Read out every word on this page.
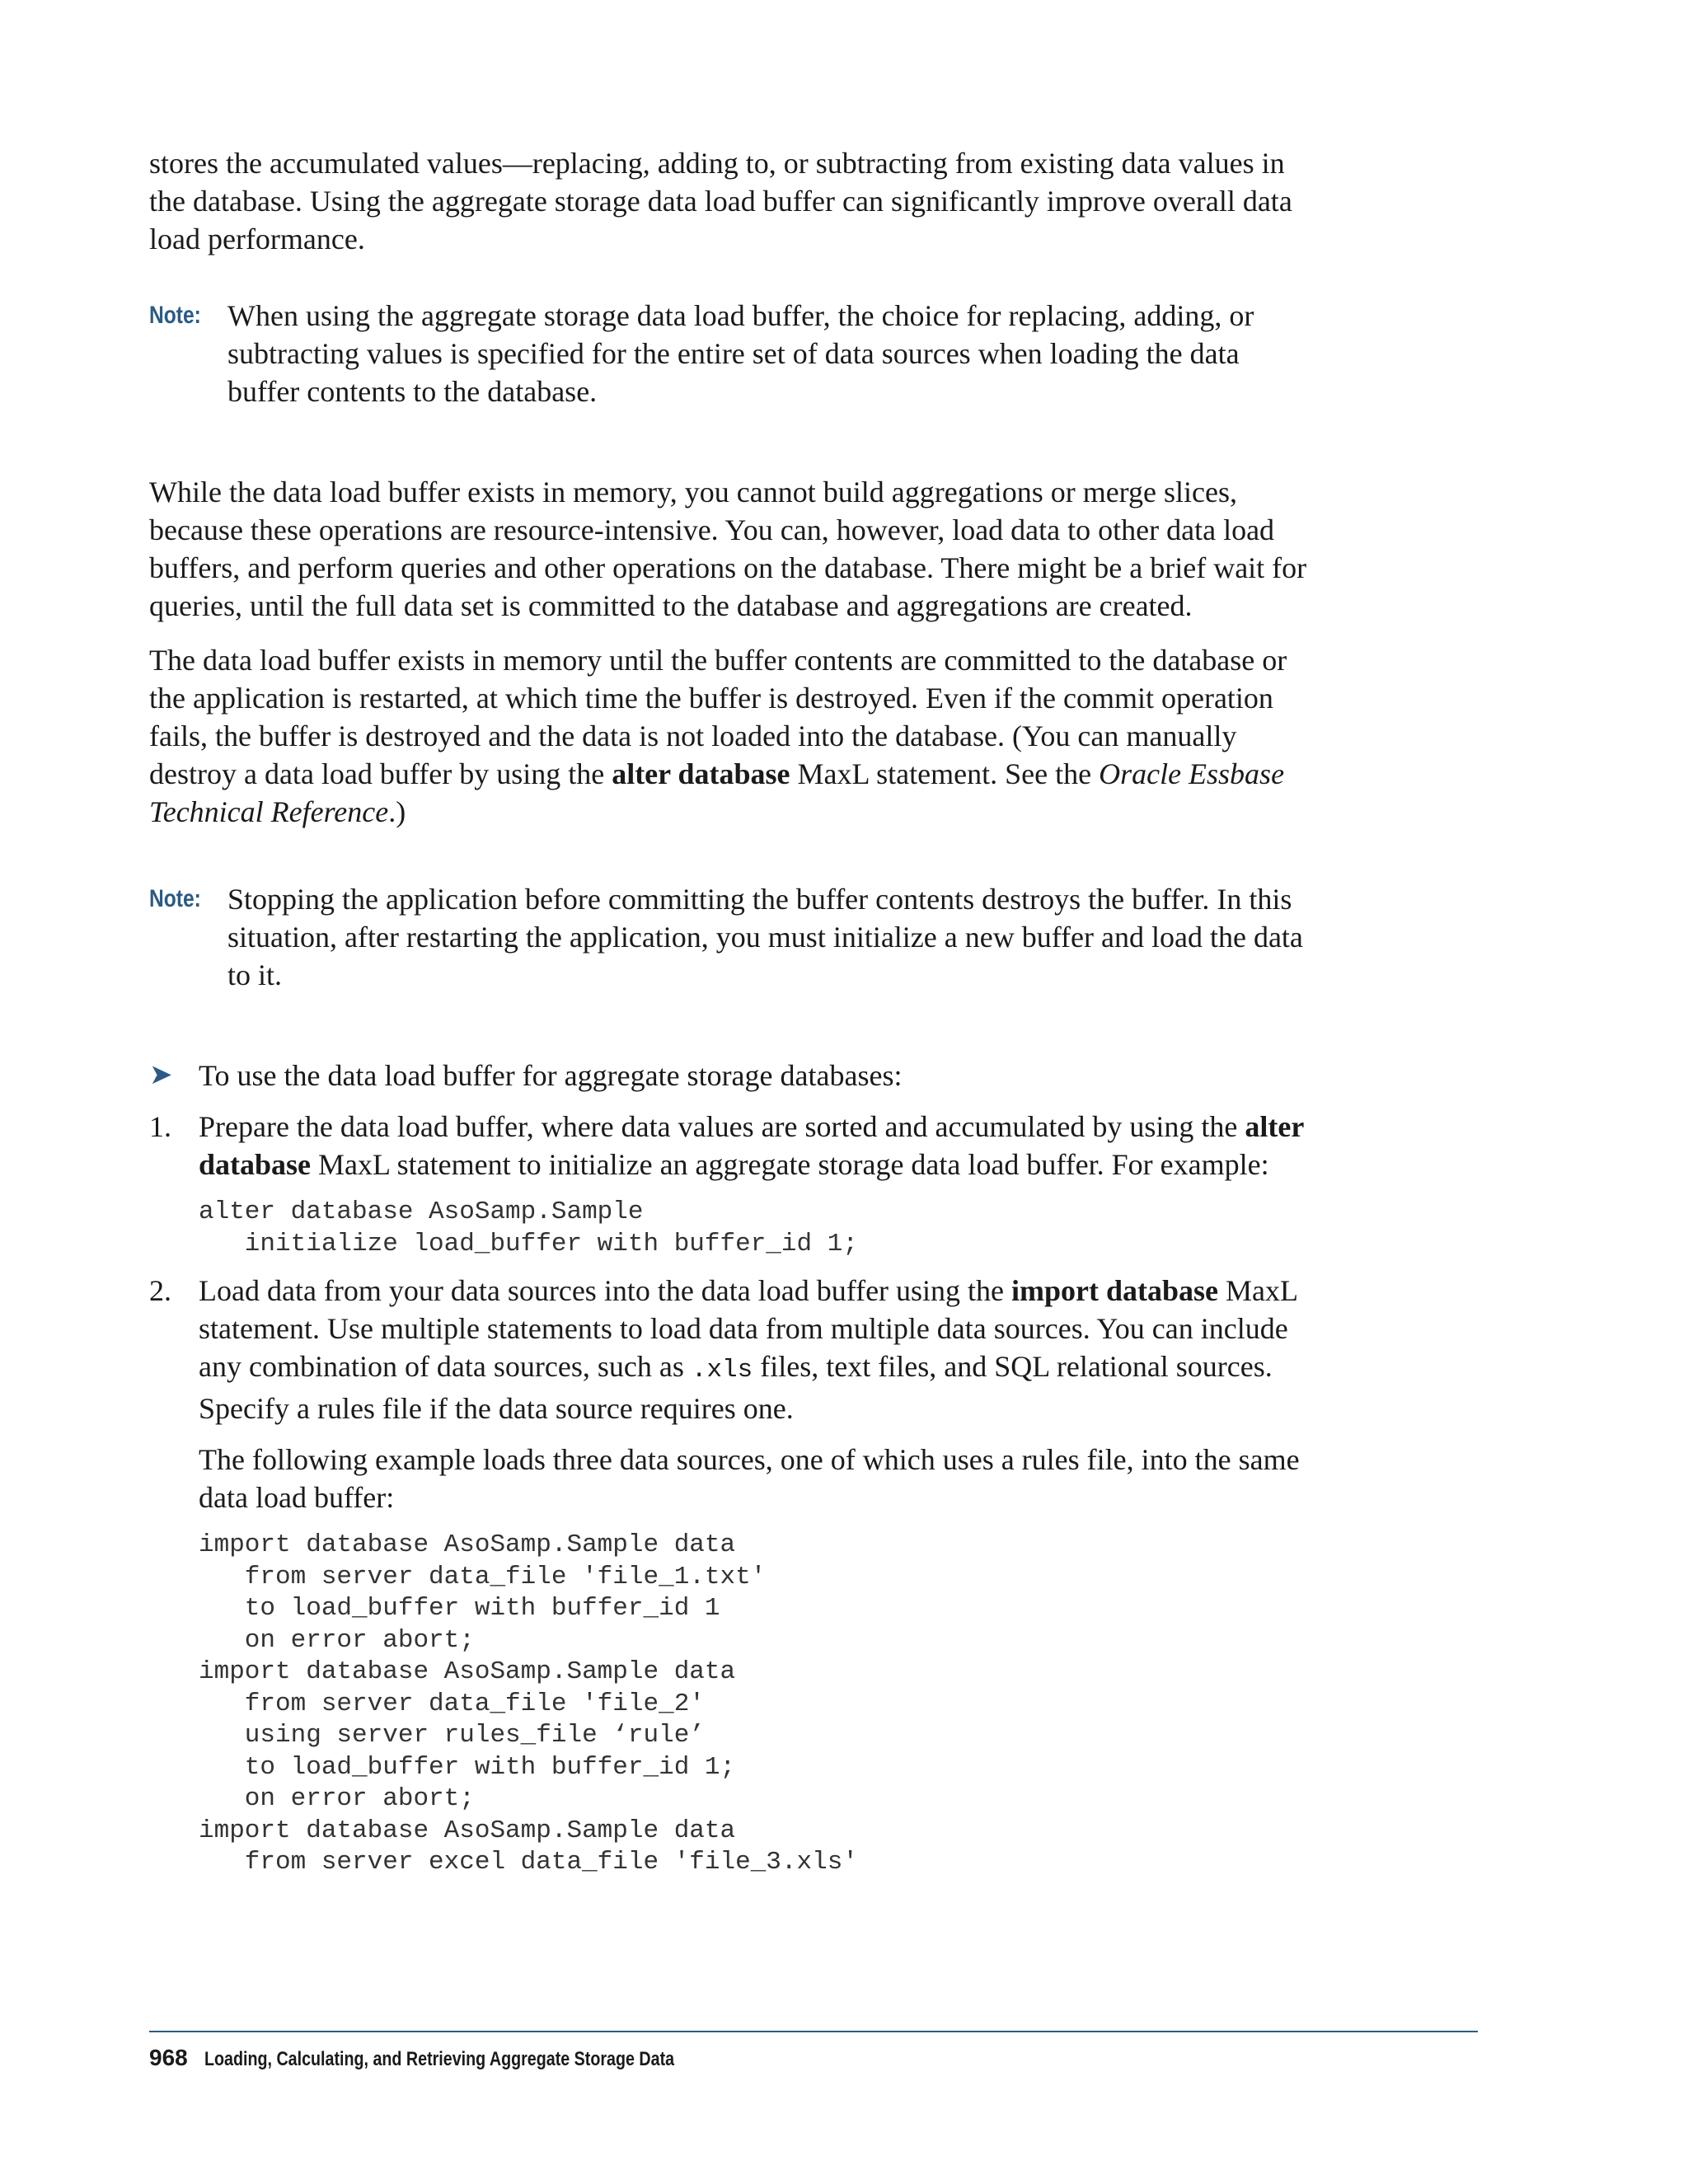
stores the accumulated values—replacing, adding to, or subtracting from existing data values in the database. Using the aggregate storage data load buffer can significantly improve overall data load performance.

Note: When using the aggregate storage data load buffer, the choice for replacing, adding, or subtracting values is specified for the entire set of data sources when loading the data buffer contents to the database.

While the data load buffer exists in memory, you cannot build aggregations or merge slices, because these operations are resource-intensive. You can, however, load data to other data load buffers, and perform queries and other operations on the database. There might be a brief wait for queries, until the full data set is committed to the database and aggregations are created.

The data load buffer exists in memory until the buffer contents are committed to the database or the application is restarted, at which time the buffer is destroyed. Even if the commit operation fails, the buffer is destroyed and the data is not loaded into the database. (You can manually destroy a data load buffer by using the alter database MaxL statement. See the Oracle Essbase Technical Reference.)

Note: Stopping the application before committing the buffer contents destroys the buffer. In this situation, after restarting the application, you must initialize a new buffer and load the data to it.
➤ To use the data load buffer for aggregate storage databases:
1. Prepare the data load buffer, where data values are sorted and accumulated by using the alter database MaxL statement to initialize an aggregate storage data load buffer. For example:

alter database AsoSamp.Sample
initialize load_buffer with buffer_id 1;
2. Load data from your data sources into the data load buffer using the import database MaxL statement. Use multiple statements to load data from multiple data sources. You can include any combination of data sources, such as .xls files, text files, and SQL relational sources. Specify a rules file if the data source requires one.

The following example loads three data sources, one of which uses a rules file, into the same data load buffer:

import database AsoSamp.Sample data
from server data_file 'file_1.txt'
to load_buffer with buffer_id 1
on error abort;
import database AsoSamp.Sample data
from server data_file 'file_2'
using server rules_file ‘rule’
to load_buffer with buffer_id 1;
on error abort;
import database AsoSamp.Sample data
from server excel data_file 'file_3.xls'
968 Loading, Calculating, and Retrieving Aggregate Storage Data
